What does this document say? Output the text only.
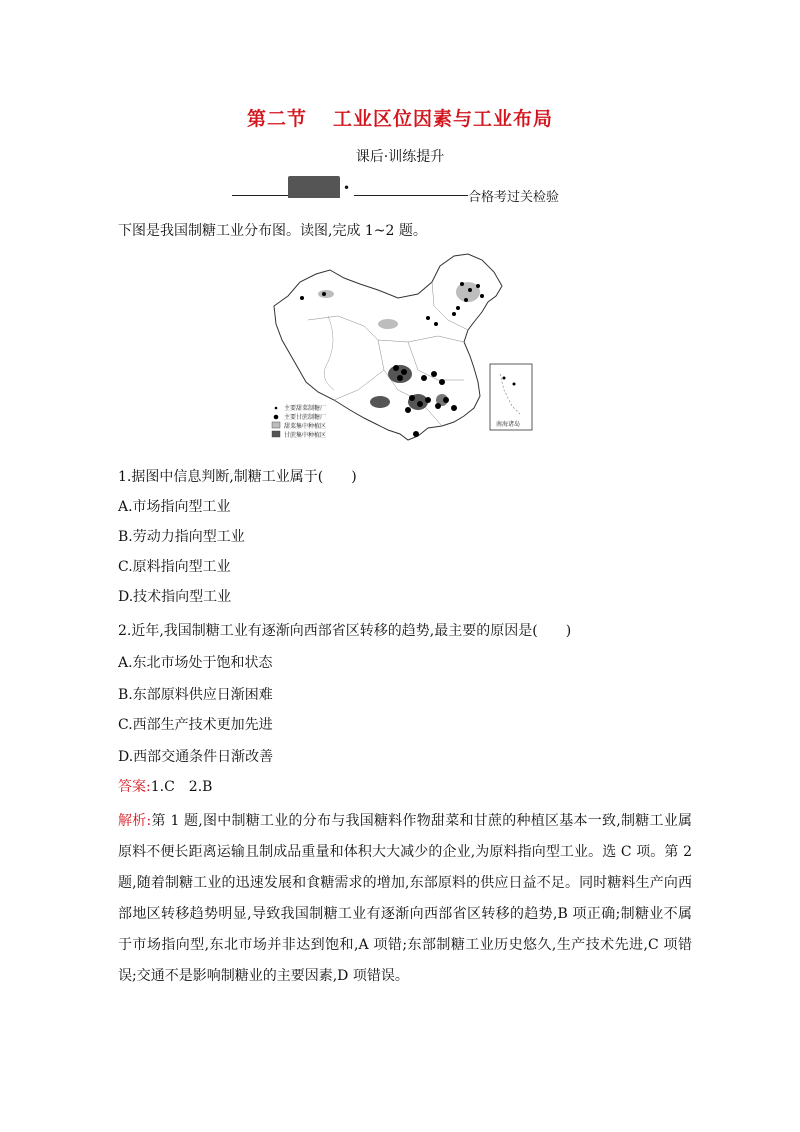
第二节 工业区位因素与工业布局
课后·训练提升
•
合格考过关检验
下图是我国制糖工业分布图。读图,完成 1~2 题。
南海诸岛
主要甜菜制糖厂
主要甘蔗制糖厂
甜菜集中种植区
甘蔗集中种植区
1.据图中信息判断,制糖工业属于(　　)
A.市场指向型工业
B.劳动力指向型工业
C.原料指向型工业
D.技术指向型工业
2.近年,我国制糖工业有逐渐向西部省区转移的趋势,最主要的原因是(　　)
A.东北市场处于饱和状态
B.东部原料供应日渐困难
C.西部生产技术更加先进
D.西部交通条件日渐改善
答案:1.C　2.B
解析:第 1 题,图中制糖工业的分布与我国糖料作物甜菜和甘蔗的种植区基本一致,制糖工业属原料不便长距离运输且制成品重量和体积大大减少的企业,为原料指向型工业。选 C 项。第 2 题,随着制糖工业的迅速发展和食糖需求的增加,东部原料的供应日益不足。同时糖料生产向西部地区转移趋势明显,导致我国制糖工业有逐渐向西部省区转移的趋势,B 项正确;制糖业不属于市场指向型,东北市场并非达到饱和,A 项错;东部制糖工业历史悠久,生产技术先进,C 项错误;交通不是影响制糖业的主要因素,D 项错误。
